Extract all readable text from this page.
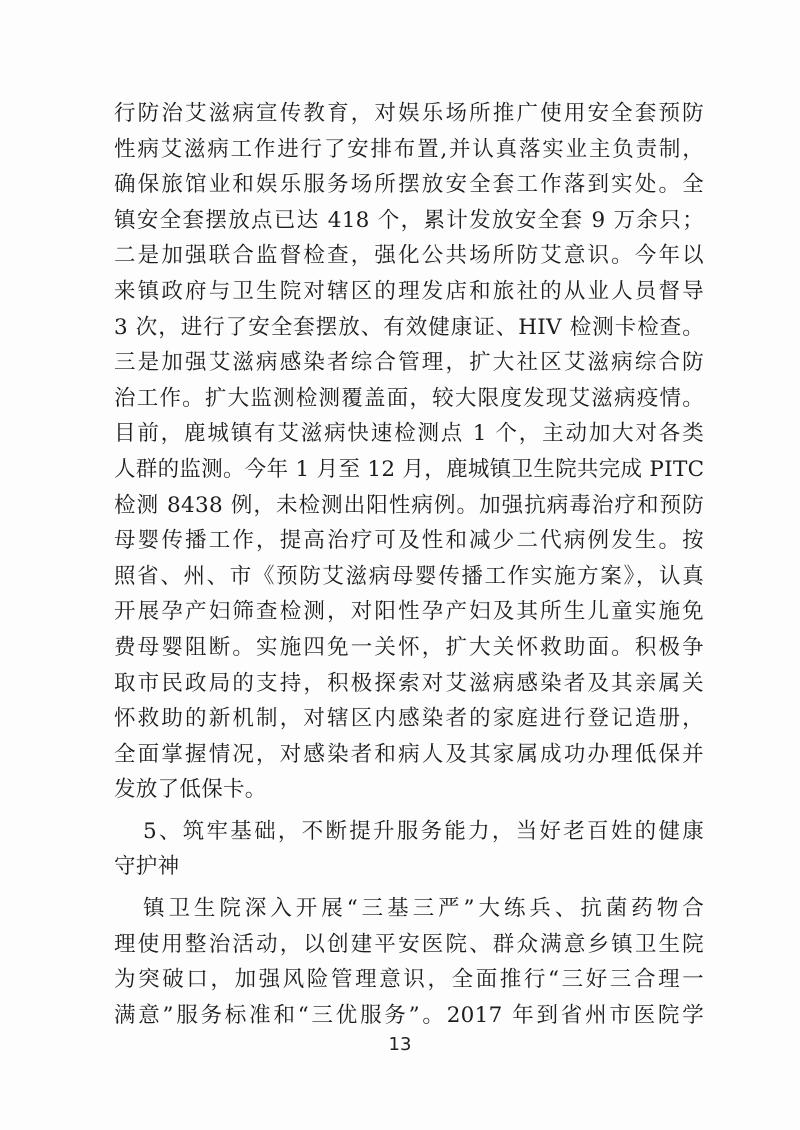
行防治艾滋病宣传教育，对娱乐场所推广使用安全套预防
性病艾滋病工作进行了安排布置,并认真落实业主负责制，
确保旅馆业和娱乐服务场所摆放安全套工作落到实处。全
镇安全套摆放点已达 418 个，累计发放安全套 9 万余只；
二是加强联合监督检查，强化公共场所防艾意识。今年以
来镇政府与卫生院对辖区的理发店和旅社的从业人员督导
3 次，进行了安全套摆放、有效健康证、HIV 检测卡检查。
三是加强艾滋病感染者综合管理，扩大社区艾滋病综合防
治工作。扩大监测检测覆盖面，较大限度发现艾滋病疫情。
目前，鹿城镇有艾滋病快速检测点 1 个，主动加大对各类
人群的监测。今年 1 月至 12 月，鹿城镇卫生院共完成 PITC
检测 8438 例，未检测出阳性病例。加强抗病毒治疗和预防
母婴传播工作，提高治疗可及性和减少二代病例发生。按
照省、州、市《预防艾滋病母婴传播工作实施方案》，认真
开展孕产妇筛查检测，对阳性孕产妇及其所生儿童实施免
费母婴阻断。实施四免一关怀，扩大关怀救助面。积极争
取市民政局的支持，积极探索对艾滋病感染者及其亲属关
怀救助的新机制，对辖区内感染者的家庭进行登记造册，
全面掌握情况，对感染者和病人及其家属成功办理低保并
发放了低保卡。
5、筑牢基础，不断提升服务能力，当好老百姓的健康
守护神
镇卫生院深入开展“三基三严”大练兵、抗菌药物合
理使用整治活动，以创建平安医院、群众满意乡镇卫生院
为突破口，加强风险管理意识，全面推行“三好三合理一
满意”服务标准和“三优服务”。2017 年到省州市医院学
13
